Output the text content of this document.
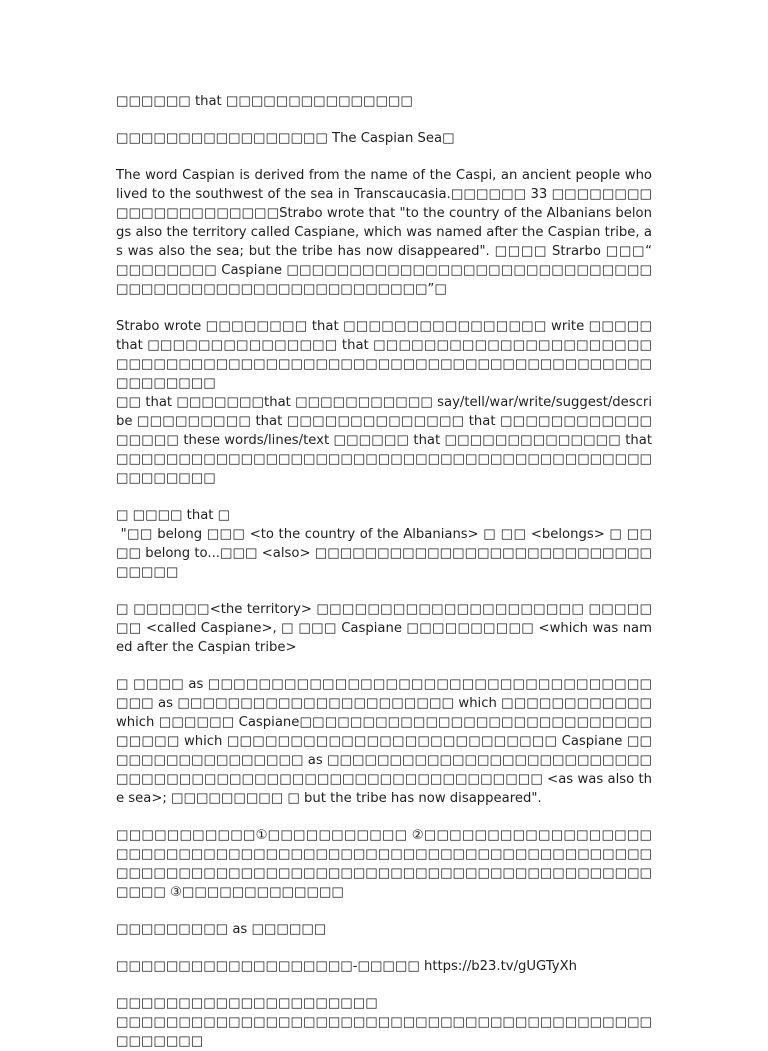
□□□□□□ that □□□□□□□□□□□□□□□

□□□□□□□□□□□□□□□□□ The Caspian Sea□

The word Caspian is derived from the name of the Caspi, an ancient people who lived to the southwest of the sea in Transcaucasia.□□□□□□ 33 □□□□□□□□□□□□□□□□□□□□□Strabo wrote that "to the country of the Albanians belongs also the territory called Caspiane, which was named after the Caspian tribe, as was also the sea; but the tribe has now disappeared". □□□□ Strarbo □□□“ □□□□□□□□ Caspiane □□□□□□□□□□□□□□□□□□□□□□□□□□□□□□□□□□□□□□□□□□□□□□□□□□□□□□”□

Strabo wrote □□□□□□□□ that □□□□□□□□□□□□□□□□ write □□□□□ that □□□□□□□□□□□□□□□ that □□□□□□□□□□□□□□□□□□□□□□□□□□□□□□□□□□□□□□□□□□□□□□□□□□□□□□□□□□□□□□□□□□□□□□□□□

□□ that □□□□□□□that □□□□□□□□□□□ say/tell/war/write/suggest/describe □□□□□□□□□ that □□□□□□□□□□□□□□ that □□□□□□□□□□□□□□□□□ these words/lines/text □□□□□□ that □□□□□□□□□□□□□□ that □□□□□□□□□□□□□□□□□□□□□□□□□□□□□□□□□□□□□□□□□□□□□□□□□□□

□ □□□□ that □

"□□ belong □□□ <to the country of the Albanians> □ □□ <belongs> □ □□□□ belong to...□□□ <also> □□□□□□□□□□□□□□□□□□□□□□□□□□□□□□□□

□ □□□□□□<the territory> □□□□□□□□□□□□□□□□□□□□□ □□□□□□□ <called Caspiane>, □ □□□ Caspiane □□□□□□□□□□ <which was named after the Caspian tribe>

□ □□□□ as □□□□□□□□□□□□□□□□□□□□□□□□□□□□□□□□□□□□□□ as □□□□□□□□□□□□□□□□□□□□□□ which □□□□□□□□□□□□ which □□□□□□ Caspiane□□□□□□□□□□□□□□□□□□□□□□□□□□□□□□□□□ which □□□□□□□□□□□□□□□□□□□□□□□□□□ Caspiane □□□□□□□□□□□□□□□□□ as □□□□□□□□□□□□□□□□□□□□□□□□□□□□□□□□□□□□□□□□□□□□□□□□□□□□□□□□□□□□ <as was also the sea>; □□□□□□□□□ □ but the tribe has now disappeared".

□□□□□□□□□□□①□□□□□□□□□□□ ②□□□□□□□□□□□□□□□□□□□□□□□□□□□□□□□□□□□□□□□□□□□□□□□□□□□□□□□□□□□□□□□□□□□□□□□□□□□□□□□□□□□□□□□□□□□□□□□□□□□□□□□□□□□□ ③□□□□□□□□□□□□□

□□□□□□□□□ as □□□□□□

□□□□□□□□□□□□□□□□□□□-□□□□□ https://b23.tv/gUGTyXh

□□□□□□□□□□□□□□□□□□□□□

□□□□□□□□□□□□□□□□□□□□□□□□□□□□□□□□□□□□□□□□□□□□□□□□□□
